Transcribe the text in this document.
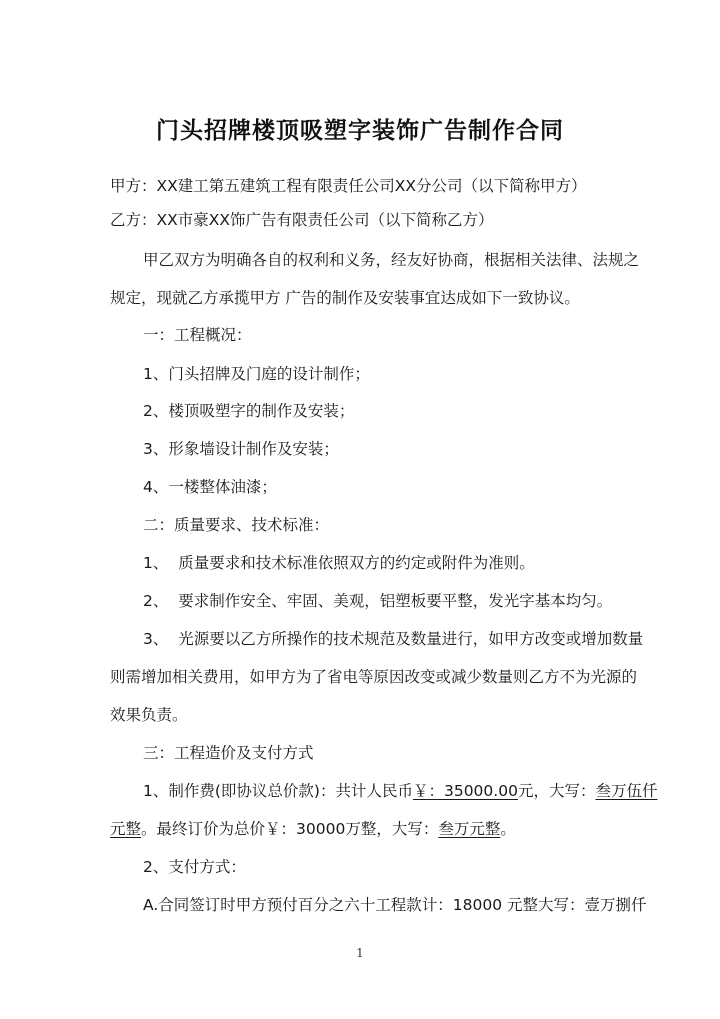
门头招牌楼顶吸塑字装饰广告制作合同
甲方：XX建工第五建筑工程有限责任公司XX分公司（以下简称甲方）
乙方：XX市豪XX饰广告有限责任公司（以下简称乙方）
甲乙双方为明确各自的权利和义务，经友好协商，根据相关法律、法规之
规定，现就乙方承揽甲方 广告的制作及安装事宜达成如下一致协议。
一：工程概况：
1、门头招牌及门庭的设计制作；
2、楼顶吸塑字的制作及安装；
3、形象墙设计制作及安装；
4、一楼整体油漆；
二：质量要求、技术标准：
1、  质量要求和技术标准依照双方的约定或附件为准则。
2、  要求制作安全、牢固、美观，铝塑板要平整，发光字基本均匀。
3、  光源要以乙方所操作的技术规范及数量进行，如甲方改变或增加数量
则需增加相关费用，如甲方为了省电等原因改变或减少数量则乙方不为光源的
效果负责。
三：工程造价及支付方式
1、制作费(即协议总价款)：共计人民币￥：35000.00元，大写：叁万伍仟
元整。最终订价为总价￥：30000万整，大写：叁万元整。
2、支付方式：
A.合同签订时甲方预付百分之六十工程款计：18000 元整大写：壹万捌仟
1
